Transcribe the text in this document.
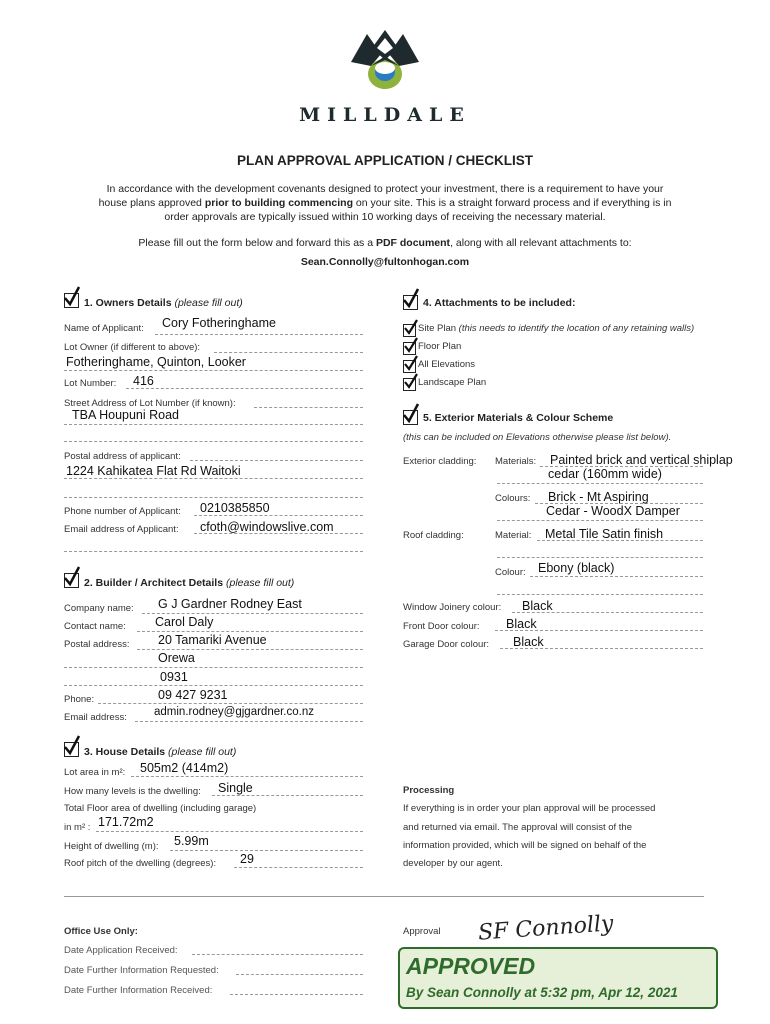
MILLDALE
PLAN APPROVAL APPLICATION / CHECKLIST
In accordance with the development covenants designed to protect your investment, there is a requirement to have your
house plans approved prior to building commencing on your site. This is a straight forward process and if everything is in
order approvals are typically issued within 10 working days of receiving the necessary material.
Please fill out the form below and forward this as a PDF document, along with all relevant attachments to:
Sean.Connolly@fultonhogan.com
1. Owners Details (please fill out)
Name of Applicant: Cory Fotheringhame
Lot Owner (if different to above):
Fotheringhame, Quinton, Looker
Lot Number: 416
Street Address of Lot Number (if known):
TBA Houpuni Road
Postal address of applicant:
1224 Kahikatea Flat Rd Waitoki
Phone number of Applicant: 0210385850
Email address of Applicant: cfoth@windowslive.com
2. Builder / Architect Details (please fill out)
Company name: G J Gardner Rodney East
Contact name: Carol Daly
Postal address: 20 Tamariki Avenue
Orewa
0931
Phone:	09 427 9231
Email address: admin.rodney@gjgardner.co.nz
3. House Details (please fill out)
Lot area in m²: 505m2 (414m2)
How many levels is the dwelling: Single
Total Floor area of dwelling (including garage)
in m² : 171.72m2
Height of dwelling (m): 5.99m
Roof pitch of the dwelling (degrees): 29
4. Attachments to be included:
Site Plan (this needs to identify the location of any retaining walls)
Floor Plan
All Elevations
Landscape Plan
5. Exterior Materials & Colour Scheme
(this can be included on Elevations otherwise please list below).
Exterior cladding: Materials: Painted brick and vertical shiplap
cedar (160mm wide)
Colours: Brick - Mt Aspiring
Cedar - WoodX Damper
Roof cladding:	Material: Metal Tile Satin finish
Colour: Ebony (black)
Window Joinery colour: Black
Front Door colour: Black
Garage Door colour: Black
Processing
If everything is in order your plan approval will be processed
and returned via email. The approval will consist of the
information provided, which will be signed on behalf of the
developer by our agent.
Office Use Only:
Date Application Received:
Date Further Information Requested:
Date Further Information Received:
Approval SF Connolly
APPROVED
By Sean Connolly at 5:32 pm, Apr 12, 2021
